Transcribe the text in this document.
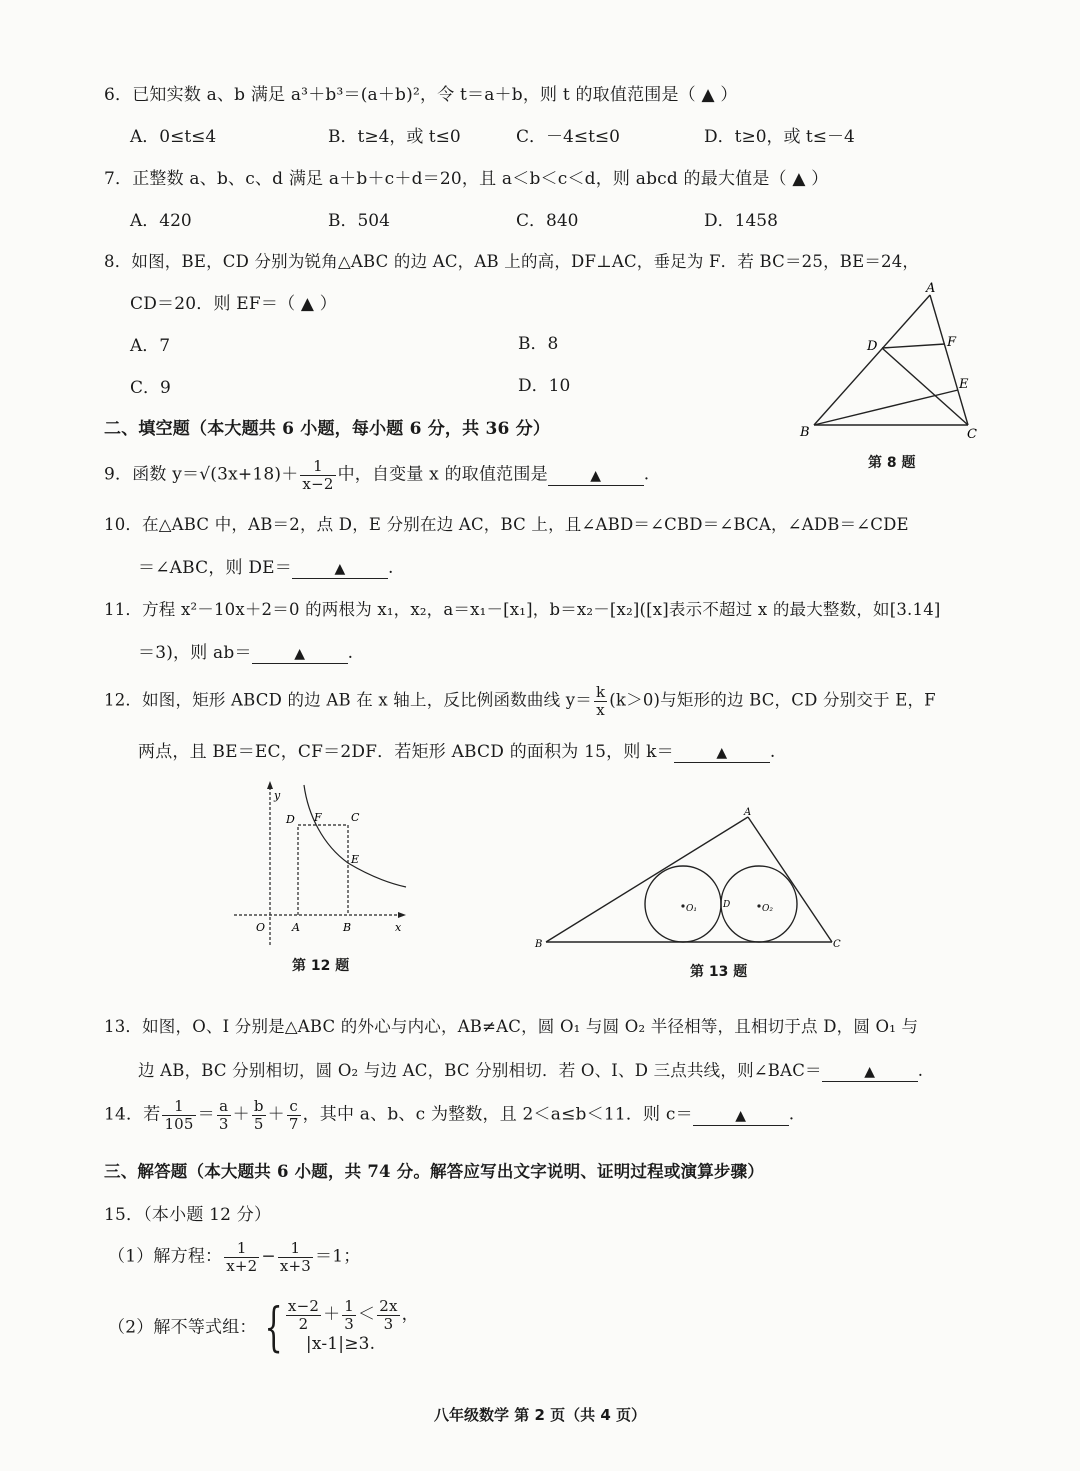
6．已知实数 a、b 满足 a³＋b³＝(a＋b)²，令 t＝a＋b，则 t 的取值范围是（ ▲ ）
A．0≤t≤4	B．t≥4，或 t≤0	C．－4≤t≤0	D．t≥0，或 t≤－4
7．正整数 a、b、c、d 满足 a＋b＋c＋d＝20，且 a＜b＜c＜d，则 abcd 的最大值是（ ▲ ）
A．420	B．504	C．840	D．1458
8．如图，BE，CD 分别为锐角△ABC 的边 AC，AB 上的高，DF⊥AC，垂足为 F．若 BC＝25，BE＝24，
CD＝20．则 EF＝（ ▲ ）
A．7	B．8
C．9	D．10
A
B	C
D
E
F
第 8 题
二、填空题（本大题共 6 小题，每小题 6 分，共 36 分）
9．函数 $y=√(3x+18)+ \frac{1}{x-2}$ 中，自变量 x 的取值范围是	▲	.
10．在△ABC 中，AB＝2，点 D，E 分别在边 AC，BC 上，且∠ABD＝∠CBD＝∠BCA，∠ADB＝∠CDE
＝∠ABC，则 DE＝	▲	.
11．方程 x²－10x＋2＝0 的两根为 x₁，x₂，a＝x₁－[x₁]，b＝x₂－[x₂]([x]表示不超过 x 的最大整数，如[3.14]
＝3)，则 ab＝	▲	.
12．如图，矩形 ABCD 的边 AB 在 x 轴上，反比例函数曲线 $y= \frac{k}{x} (k>0)$与矩形的边 BC，CD 分别交于 E，F
两点，且 BE＝EC，CF＝2DF．若矩形 ABCD 的面积为 15，则 k＝	▲	.
y
x
O A	B
C
D
E
F
第 12 题
A
B	C
D
O₁	O₂
第 13 题
13．如图，O、I 分别是△ABC 的外心与内心，AB≠AC，圆 O₁ 与圆 O₂ 半径相等，且相切于点 D，圆 O₁ 与
边 AB，BC 分别相切，圆 O₂ 与边 AC，BC 分别相切．若 O、I、D 三点共线，则∠BAC＝	▲	.
14．若 $\frac{1}{105} = \frac{a}{3} + \frac{b}{5} + \frac{c}{7}$ ，其中 a、b、c 为整数，且 2＜a≤b＜11．则 c＝	▲	.
三、解答题（本大题共 6 小题，共 74 分。解答应写出文字说明、证明过程或演算步骤）
15．（本小题 12 分）
（1）解方程： $\frac{1}{x+2} - \frac{1}{x+3} =1$；
（2）解不等式组： { $\frac{x-2}{2} + \frac{1}{3} < \frac{2x}{3}$ ，
|x-1|≥3.
八年级数学 第 2 页（共 4 页）
